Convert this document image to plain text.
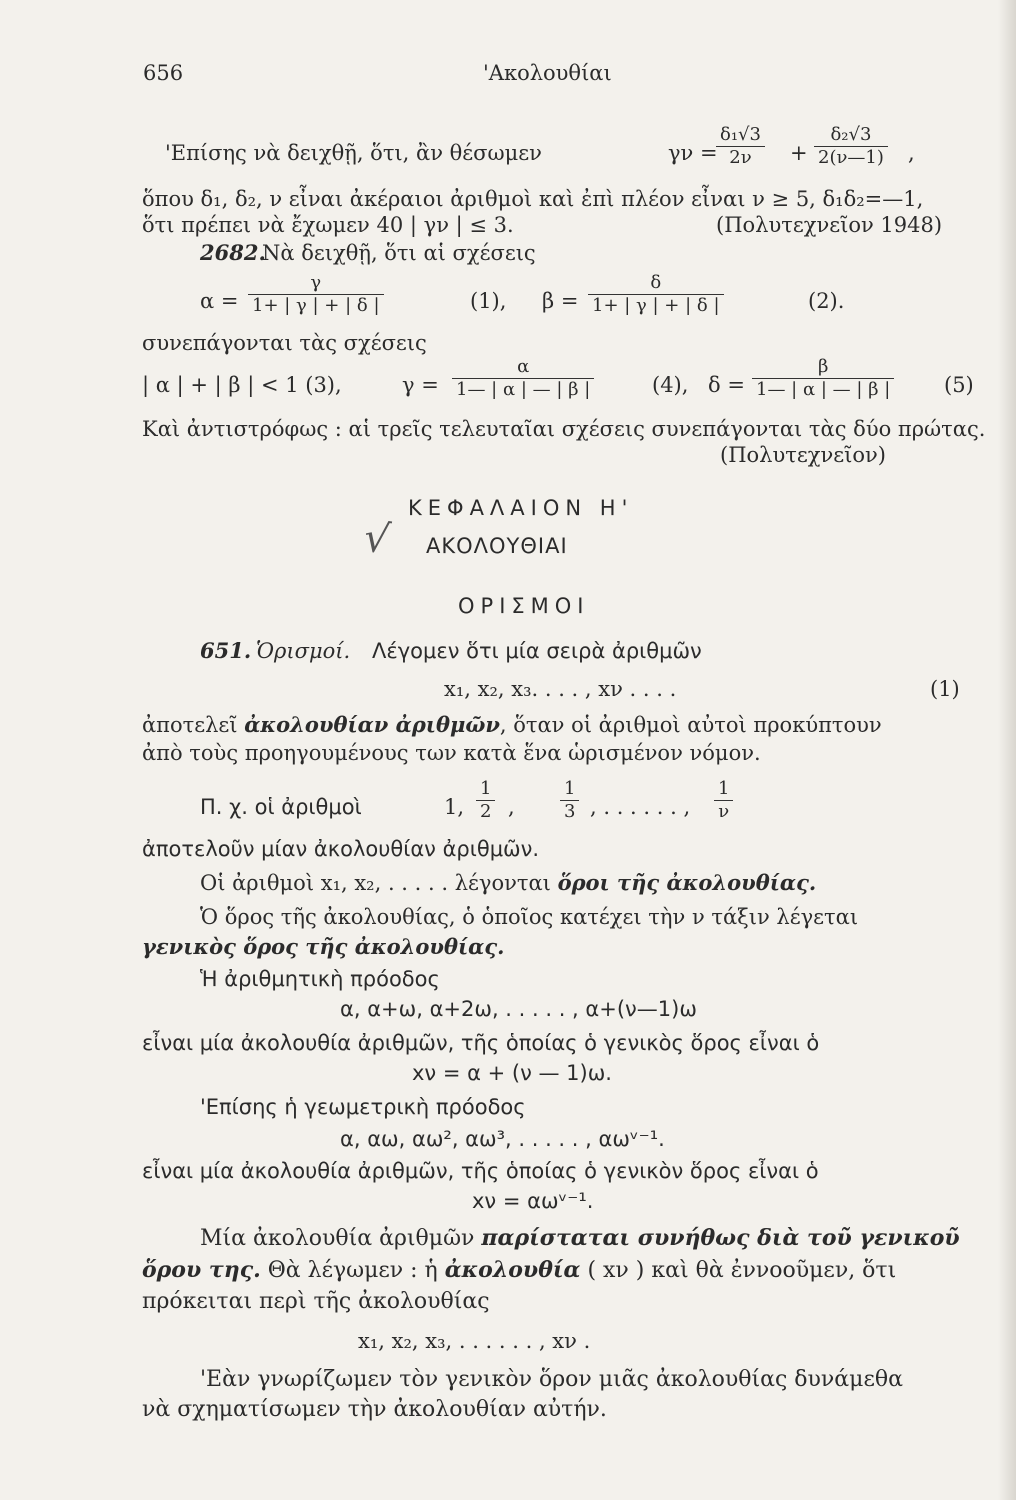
656	'Ακολουθίαι
'Επίσης νὰ δειχθῇ, ὅτι, ἂν θέσωμεν	γν =
$\frac{\text{δ₁√3}}{2\nu} + \frac{\text{δ₂√3}}{2(\nu—1)}$ ,
ὅπου δ₁, δ₂, ν εἶναι ἀκέραιοι ἀριθμοὶ καὶ ἐπὶ πλέον εἶναι ν ≥ 5, δ₁δ₂=—1,
ὅτι πρέπει νὰ ἔχωμεν 40 | γν | ≤ 3.	(Πολυτεχνεῖον 1948)
2682.
Νὰ δειχθῇ, ὅτι αἱ σχέσεις
$\alpha = \frac{\gamma}{1+ | \gamma | + | \delta |}$	(1), $\beta = \frac{\delta}{1+ | \gamma | + | \delta |}$	(2).
συνεπάγονται τὰς σχέσεις
| α | + | β | < 1 (3),	$\gamma = \frac{\alpha}{1— | \alpha | — | \beta |}$	(4), $\delta = \frac{\beta}{1— | \alpha | — | \beta |} (5)$
Καὶ ἀντιστρόφως : αἱ τρεῖς τελευταῖαι σχέσεις συνεπάγονται τὰς δύο πρώτας.
(Πολυτεχνεῖον)
√
ΚΕΦΑΛΑΙΟΝ Η'
ΑΚΟΛΟΥΘΙΑΙ
ΟΡΙΣΜΟΙ
651. Ὁρισμοί. Λέγομεν ὅτι μία σειρὰ ἀριθμῶν
x₁, x₂, x₃. . . . , xν . . . .	(1)
ἀποτελεῖ ἀκολουθίαν ἀριθμῶν, ὅταν οἱ ἀριθμοὶ αὐτοὶ προκύπτουν
ἀπὸ τοὺς προηγουμένους των κατὰ ἕνα ὡρισμένον νόμον.
Π. χ. οἱ ἀριθμοὶ	1, $\frac{1}{2}$	$\frac{1}{3}$ , . . . . . . , $\frac{1}{\nu}$
,
ἀποτελοῦν μίαν ἀκολουθίαν ἀριθμῶν.
Οἱ ἀριθμοὶ x₁, x₂, . . . . . λέγονται ὅροι τῆς ἀκολουθίας.
Ὁ ὅρος τῆς ἀκολουθίας, ὁ ὁποῖος κατέχει τὴν ν τάξιν λέγεται
γενικὸς ὅρος τῆς ἀκολουθίας.
Ἡ ἀριθμητικὴ πρόοδος
α, α+ω, α+2ω, . . . . . , α+(ν—1)ω
εἶναι μία ἀκολουθία ἀριθμῶν, τῆς ὁποίας ὁ γενικὸς ὅρος εἶναι ὁ
xν = α + (ν — 1)ω.
'Επίσης ἡ γεωμετρικὴ πρόοδος
α, αω, αω², αω³, . . . . . , αωᵛ⁻¹.
εἶναι μία ἀκολουθία ἀριθμῶν, τῆς ὁποίας ὁ γενικὸν ὅρος εἶναι ὁ
xν = αωᵛ⁻¹.
Μία ἀκολουθία ἀριθμῶν παρίσταται συνήθως διὰ τοῦ γενικοῦ
ὅρου της. Θὰ λέγωμεν : ἡ ἀκολουθία ( xν ) καὶ θὰ ἐννοοῦμεν, ὅτι
πρόκειται περὶ τῆς ἀκολουθίας
x₁, x₂, x₃, . . . . . . , xν .
'Εὰν γνωρίζωμεν τὸν γενικὸν ὅρον μιᾶς ἀκολουθίας δυνάμεθα
νὰ σχηματίσωμεν τὴν ἀκολουθίαν αὐτήν.
